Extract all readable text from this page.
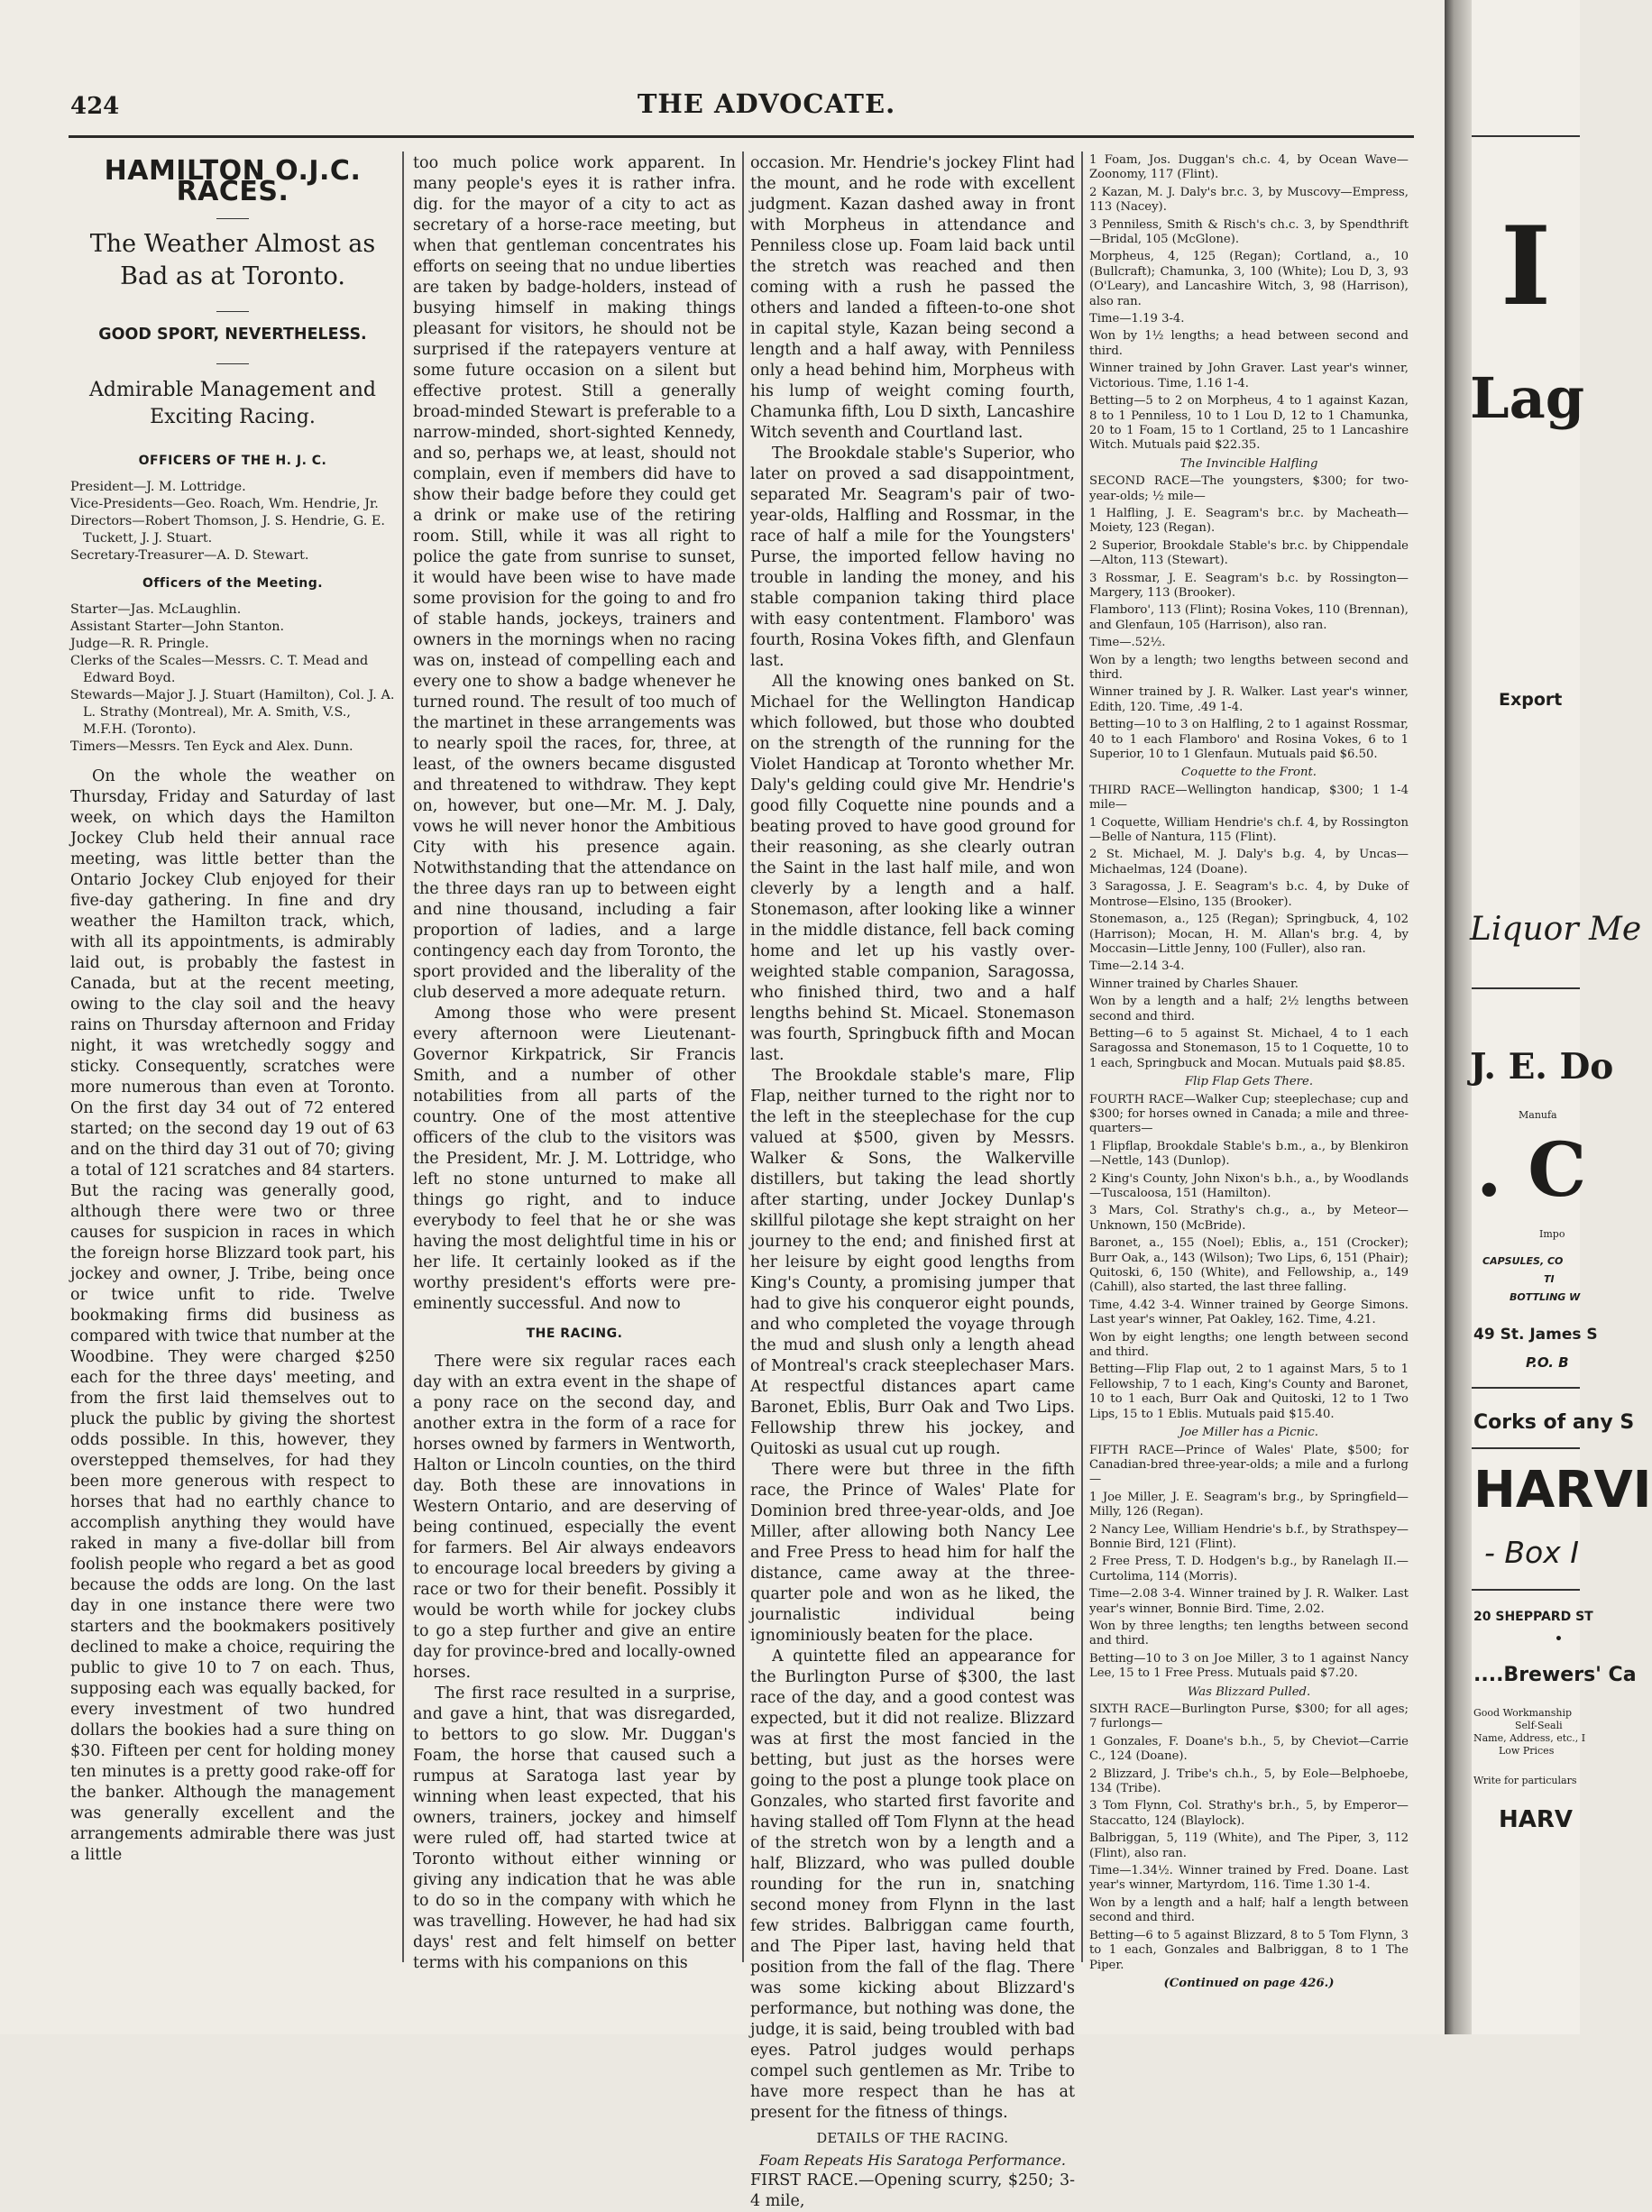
424	THE ADVOCATE.
HAMILTON O.J.C. RACES.
The Weather Almost as Bad as at Toronto.
GOOD SPORT, NEVERTHELESS.
Admirable Management and Exciting Racing.
OFFICERS OF THE H. J. C.
President—J. M. Lottridge.
Vice-Presidents—Geo. Roach, Wm. Hendrie, Jr.
Directors—Robert Thomson, J. S. Hendrie, G. E. Tuckett, J. J. Stuart.
Secretary-Treasurer—A. D. Stewart.
Officers of the Meeting.
Starter—Jas. McLaughlin.
Assistant Starter—John Stanton.
Judge—R. R. Pringle.
Clerks of the Scales—Messrs. C. T. Mead and Edward Boyd.
Stewards—Major J. J. Stuart (Hamilton), Col. J. A. L. Strathy (Montreal), Mr. A. Smith, V.S., M.F.H. (Toronto).
Timers—Messrs. Ten Eyck and Alex. Dunn.

On the whole the weather on Thursday, Friday and Saturday of last week, on which days the Hamilton Jockey Club held their annual race meeting, was little better than the Ontario Jockey Club enjoyed for their five-day gathering. In fine and dry weather the Hamilton track, which, with all its appointments, is admirably laid out, is probably the fastest in Canada, but at the recent meeting, owing to the clay soil and the heavy rains on Thursday afternoon and Friday night, it was wretchedly soggy and sticky. Consequently, scratches were more numerous than even at Toronto. On the first day 34 out of 72 entered started; on the second day 19 out of 63 and on the third day 31 out of 70; giving a total of 121 scratches and 84 starters. But the racing was generally good, although there were two or three causes for suspicion in races in which the foreign horse Blizzard took part, his jockey and owner, J. Tribe, being once or twice unfit to ride. Twelve bookmaking firms did business as compared with twice that number at the Woodbine. They were charged $250 each for the three days' meeting, and from the first laid themselves out to pluck the public by giving the shortest odds possible. In this, however, they overstepped themselves, for had they been more generous with respect to horses that had no earthly chance to accomplish anything they would have raked in many a five-dollar bill from foolish people who regard a bet as good because the odds are long. On the last day in one instance there were two starters and the bookmakers positively declined to make a choice, requiring the public to give 10 to 7 on each. Thus, supposing each was equally backed, for every investment of two hundred dollars the bookies had a sure thing on $30. Fifteen per cent for holding money ten minutes is a pretty good rake-off for the banker. Although the management was generally excellent and the arrangements admirable there was just a little

too much police work apparent. In many people's eyes it is rather infra. dig. for the mayor of a city to act as secretary of a horse-race meeting, but when that gentleman concentrates his efforts on seeing that no undue liberties are taken by badge-holders, instead of busying himself in making things pleasant for visitors, he should not be surprised if the ratepayers venture at some future occasion on a silent but effective protest. Still a generally broad-minded Stewart is preferable to a narrow-minded, short-sighted Kennedy, and so, perhaps we, at least, should not complain, even if members did have to show their badge before they could get a drink or make use of the retiring room. Still, while it was all right to police the gate from sunrise to sunset, it would have been wise to have made some provision for the going to and fro of stable hands, jockeys, trainers and owners in the mornings when no racing was on, instead of compelling each and every one to show a badge whenever he turned round. The result of too much of the martinet in these arrangements was to nearly spoil the races, for, three, at least, of the owners became disgusted and threatened to withdraw. They kept on, however, but one—Mr. M. J. Daly, vows he will never honor the Ambitious City with his presence again. Notwithstanding that the attendance on the three days ran up to between eight and nine thousand, including a fair proportion of ladies, and a large contingency each day from Toronto, the sport provided and the liberality of the club deserved a more adequate return.

Among those who were present every afternoon were Lieutenant-Governor Kirkpatrick, Sir Francis Smith, and a number of other notabilities from all parts of the country. One of the most attentive officers of the club to the visitors was the President, Mr. J. M. Lottridge, who left no stone unturned to make all things go right, and to induce everybody to feel that he or she was having the most delightful time in his or her life. It certainly looked as if the worthy president's efforts were pre-eminently successful. And now to

THE RACING.

There were six regular races each day with an extra event in the shape of a pony race on the second day, and another extra in the form of a race for horses owned by farmers in Wentworth, Halton or Lincoln counties, on the third day. Both these are innovations in Western Ontario, and are deserving of being continued, especially the event for farmers. Bel Air always endeavors to encourage local breeders by giving a race or two for their benefit. Possibly it would be worth while for jockey clubs to go a step further and give an entire day for province-bred and locally-owned horses.

The first race resulted in a surprise, and gave a hint, that was disregarded, to bettors to go slow. Mr. Duggan's Foam, the horse that caused such a rumpus at Saratoga last year by winning when least expected, that his owners, trainers, jockey and himself were ruled off, had started twice at Toronto without either winning or giving any indication that he was able to do so in the company with which he was travelling. However, he had had six days' rest and felt himself on better terms with his companions on this

occasion. Mr. Hendrie's jockey Flint had the mount, and he rode with excellent judgment. Kazan dashed away in front with Morpheus in attendance and Penniless close up. Foam laid back until the stretch was reached and then coming with a rush he passed the others and landed a fifteen-to-one shot in capital style, Kazan being second a length and a half away, with Penniless only a head behind him, Morpheus with his lump of weight coming fourth, Chamunka fifth, Lou D sixth, Lancashire Witch seventh and Courtland last.

The Brookdale stable's Superior, who later on proved a sad disappointment, separated Mr. Seagram's pair of two-year-olds, Halfling and Rossmar, in the race of half a mile for the Youngsters' Purse, the imported fellow having no trouble in landing the money, and his stable companion taking third place with easy contentment. Flamboro' was fourth, Rosina Vokes fifth, and Glenfaun last.

All the knowing ones banked on St. Michael for the Wellington Handicap which followed, but those who doubted on the strength of the running for the Violet Handicap at Toronto whether Mr. Daly's gelding could give Mr. Hendrie's good filly Coquette nine pounds and a beating proved to have good ground for their reasoning, as she clearly outran the Saint in the last half mile, and won cleverly by a length and a half. Stonemason, after looking like a winner in the middle distance, fell back coming home and let up his vastly over-weighted stable companion, Saragossa, who finished third, two and a half lengths behind St. Micael. Stonemason was fourth, Springbuck fifth and Mocan last.

The Brookdale stable's mare, Flip Flap, neither turned to the right nor to the left in the steeplechase for the cup valued at $500, given by Messrs. Walker & Sons, the Walkerville distillers, but taking the lead shortly after starting, under Jockey Dunlap's skillful pilotage she kept straight on her journey to the end; and finished first at her leisure by eight good lengths from King's County, a promising jumper that had to give his conqueror eight pounds, and who completed the voyage through the mud and slush only a length ahead of Montreal's crack steeplechaser Mars. At respectful distances apart came Baronet, Eblis, Burr Oak and Two Lips. Fellowship threw his jockey, and Quitoski as usual cut up rough.

There were but three in the fifth race, the Prince of Wales' Plate for Dominion bred three-year-olds, and Joe Miller, after allowing both Nancy Lee and Free Press to head him for half the distance, came away at the three-quarter pole and won as he liked, the journalistic individual being ignominiously beaten for the place.

A quintette filed an appearance for the Burlington Purse of $300, the last race of the day, and a good contest was expected, but it did not realize. Blizzard was at first the most fancied in the betting, but just as the horses were going to the post a plunge took place on Gonzales, who started first favorite and having stalled off Tom Flynn at the head of the stretch won by a length and a half, Blizzard, who was pulled double rounding for the run in, snatching second money from Flynn in the last few strides. Balbriggan came fourth, and The Piper last, having held that position from the fall of the flag. There was some kicking about Blizzard's performance, but nothing was done, the judge, it is said, being troubled with bad eyes. Patrol judges would perhaps compel such gentlemen as Mr. Tribe to have more respect than he has at present for the fitness of things.

DETAILS OF THE RACING.

Foam Repeats His Saratoga Performance.

FIRST RACE.—Opening scurry, $250; 3-4 mile,

1 Foam, Jos. Duggan's ch.c. 4, by Ocean Wave—Zoonomy, 117 (Flint).

2 Kazan, M. J. Daly's br.c. 3, by Muscovy—Empress, 113 (Nacey).

3 Penniless, Smith & Risch's ch.c. 3, by Spendthrift—Bridal, 105 (McGlone).

Morpheus, 4, 125 (Regan); Cortland, a., 10 (Bullcraft); Chamunka, 3, 100 (White); Lou D, 3, 93 (O'Leary), and Lancashire Witch, 3, 98 (Harrison), also ran.

Time—1.19 3-4.

Won by 1½ lengths; a head between second and third.

Winner trained by John Graver. Last year's winner, Victorious. Time, 1.16 1-4.

Betting—5 to 2 on Morpheus, 4 to 1 against Kazan, 8 to 1 Penniless, 10 to 1 Lou D, 12 to 1 Chamunka, 20 to 1 Foam, 15 to 1 Cortland, 25 to 1 Lancashire Witch. Mutuals paid $22.35.

The Invincible Halfling

SECOND RACE—The youngsters, $300; for two-year-olds; ½ mile—

1 Halfling, J. E. Seagram's br.c. by Macheath—Moiety, 123 (Regan).

2 Superior, Brookdale Stable's br.c. by Chippendale—Alton, 113 (Stewart).

3 Rossmar, J. E. Seagram's b.c. by Rossington—Margery, 113 (Brooker).

Flamboro', 113 (Flint); Rosina Vokes, 110 (Brennan), and Glenfaun, 105 (Harrison), also ran.

Time—.52½.

Won by a length; two lengths between second and third.

Winner trained by J. R. Walker. Last year's winner, Edith, 120. Time, .49 1-4.

Betting—10 to 3 on Halfling, 2 to 1 against Rossmar, 40 to 1 each Flamboro' and Rosina Vokes, 6 to 1 Superior, 10 to 1 Glenfaun. Mutuals paid $6.50.

Coquette to the Front.

THIRD RACE—Wellington handicap, $300; 1 1-4 mile—

1 Coquette, William Hendrie's ch.f. 4, by Rossington—Belle of Nantura, 115 (Flint).

2 St. Michael, M. J. Daly's b.g. 4, by Uncas—Michaelmas, 124 (Doane).

3 Saragossa, J. E. Seagram's b.c. 4, by Duke of Montrose—Elsino, 135 (Brooker).

Stonemason, a., 125 (Regan); Springbuck, 4, 102 (Harrison); Mocan, H. M. Allan's br.g. 4, by Moccasin—Little Jenny, 100 (Fuller), also ran.

Time—2.14 3-4.

Winner trained by Charles Shauer.

Won by a length and a half; 2½ lengths between second and third.

Betting—6 to 5 against St. Michael, 4 to 1 each Saragossa and Stonemason, 15 to 1 Coquette, 10 to 1 each, Springbuck and Mocan. Mutuals paid $8.85.

Flip Flap Gets There.

FOURTH RACE—Walker Cup; steeplechase; cup and $300; for horses owned in Canada; a mile and three-quarters—

1 Flipflap, Brookdale Stable's b.m., a., by Blenkiron—Nettle, 143 (Dunlop).

2 King's County, John Nixon's b.h., a., by Woodlands—Tuscaloosa, 151 (Hamilton).

3 Mars, Col. Strathy's ch.g., a., by Meteor—Unknown, 150 (McBride).

Baronet, a., 155 (Noel); Eblis, a., 151 (Crocker); Burr Oak, a., 143 (Wilson); Two Lips, 6, 151 (Phair); Quitoski, 6, 150 (White), and Fellowship, a., 149 (Cahill), also started, the last three falling.

Time, 4.42 3-4. Winner trained by George Simons. Last year's winner, Pat Oakley, 162. Time, 4.21.

Won by eight lengths; one length between second and third.

Betting—Flip Flap out, 2 to 1 against Mars, 5 to 1 Fellowship, 7 to 1 each, King's County and Baronet, 10 to 1 each, Burr Oak and Quitoski, 12 to 1 Two Lips, 15 to 1 Eblis. Mutuals paid $15.40.

Joe Miller has a Picnic.

FIFTH RACE—Prince of Wales' Plate, $500; for Canadian-bred three-year-olds; a mile and a furlong—

1 Joe Miller, J. E. Seagram's br.g., by Springfield—Milly, 126 (Regan).

2 Nancy Lee, William Hendrie's b.f., by Strathspey—Bonnie Bird, 121 (Flint).

2 Free Press, T. D. Hodgen's b.g., by Ranelagh II.—Curtolima, 114 (Morris).

Time—2.08 3-4. Winner trained by J. R. Walker. Last year's winner, Bonnie Bird. Time, 2.02.

Won by three lengths; ten lengths between second and third.

Betting—10 to 3 on Joe Miller, 3 to 1 against Nancy Lee, 15 to 1 Free Press. Mutuals paid $7.20.

Was Blizzard Pulled.

SIXTH RACE—Burlington Purse, $300; for all ages; 7 furlongs—

1 Gonzales, F. Doane's b.h., 5, by Cheviot—Carrie C., 124 (Doane).

2 Blizzard, J. Tribe's ch.h., 5, by Eole—Belphoebe, 134 (Tribe).

3 Tom Flynn, Col. Strathy's br.h., 5, by Emperor—Staccatto, 124 (Blaylock).

Balbriggan, 5, 119 (White), and The Piper, 3, 112 (Flint), also ran.

Time—1.34½. Winner trained by Fred. Doane. Last year's winner, Martyrdom, 116. Time 1.30 1-4.

Won by a length and a half; half a length between second and third.

Betting—6 to 5 against Blizzard, 8 to 5 Tom Flynn, 3 to 1 each, Gonzales and Balbriggan, 8 to 1 The Piper.

(Continued on page 426.)

I
Lag
Export
Liquor Me
J. E. Do
Manufa
. C
Impo
CAPSULES, CO
TI
BOTTLING W
49 St. James S
P.O. B
Corks of any S
HARVI
- Box I
20 SHEPPARD ST
•
....Brewers' Ca
Good Workmanship
Self-Seali
Name, Address, etc., I
Low Prices
Write for particulars
HARV
